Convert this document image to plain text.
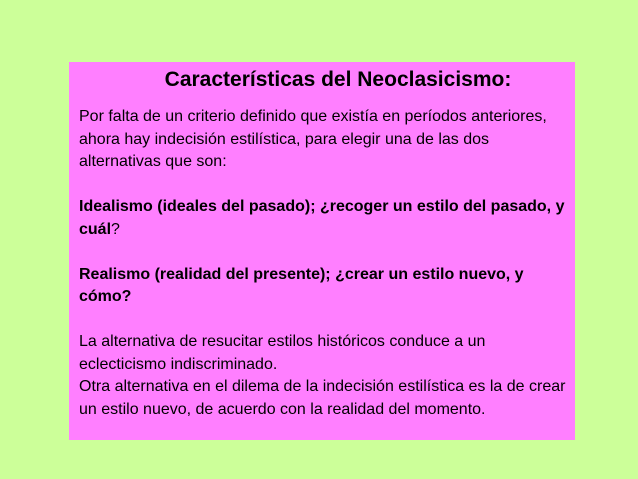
Características del Neoclasicismo:

Por falta de un criterio definido que existía en períodos anteriores, ahora hay indecisión estilística, para elegir una de las dos alternativas que son:

Idealismo (ideales del pasado); ¿recoger un estilo del pasado, y cuál?

Realismo (realidad del presente); ¿crear un estilo nuevo, y cómo?

La alternativa de resucitar estilos históricos conduce a un eclecticismo indiscriminado.

Otra alternativa en el dilema de la indecisión estilística es la de crear un estilo nuevo, de acuerdo con la realidad del momento.
